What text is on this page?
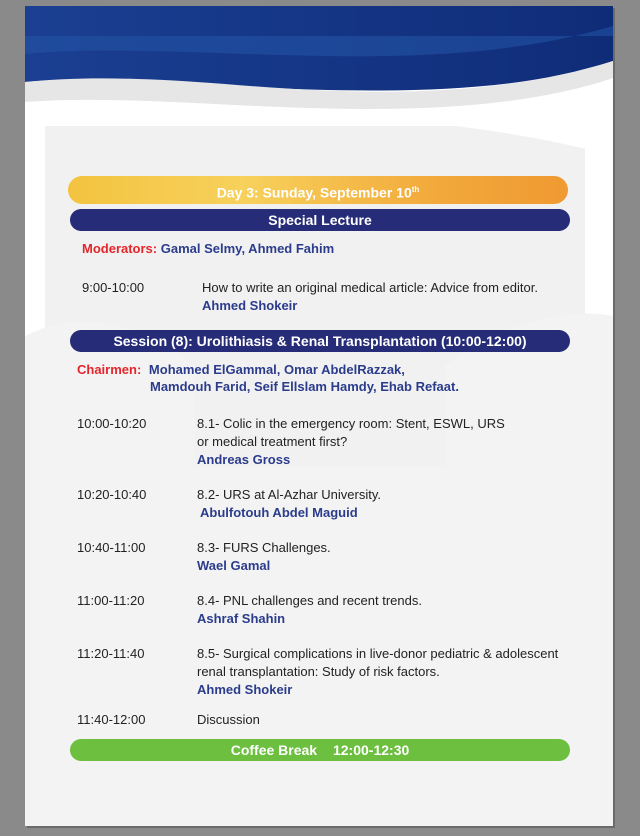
Day 3: Sunday, September 10th
Special Lecture
Moderators: Gamal Selmy, Ahmed Fahim
9:00-10:00	How to write an original medical article: Advice from editor.
Ahmed Shokeir
Session (8): Urolithiasis & Renal Transplantation (10:00-12:00)
Chairmen: Mohamed ElGammal, Omar AbdelRazzak,
Mamdouh Farid, Seif Ellslam Hamdy, Ehab Refaat.
10:00-10:20	8.1- Colic in the emergency room: Stent, ESWL, URS
or medical treatment first?
Andreas Gross
10:20-10:40	8.2- URS at Al-Azhar University.
Abulfotouh Abdel Maguid
10:40-11:00	8.3- FURS Challenges.
Wael Gamal
11:00-11:20	8.4- PNL challenges and recent trends.
Ashraf Shahin
11:20-11:40	8.5- Surgical complications in live-donor pediatric & adolescent
renal transplantation: Study of risk factors.
Ahmed Shokeir
11:40-12:00	Discussion
Coffee Break 12:00-12:30
